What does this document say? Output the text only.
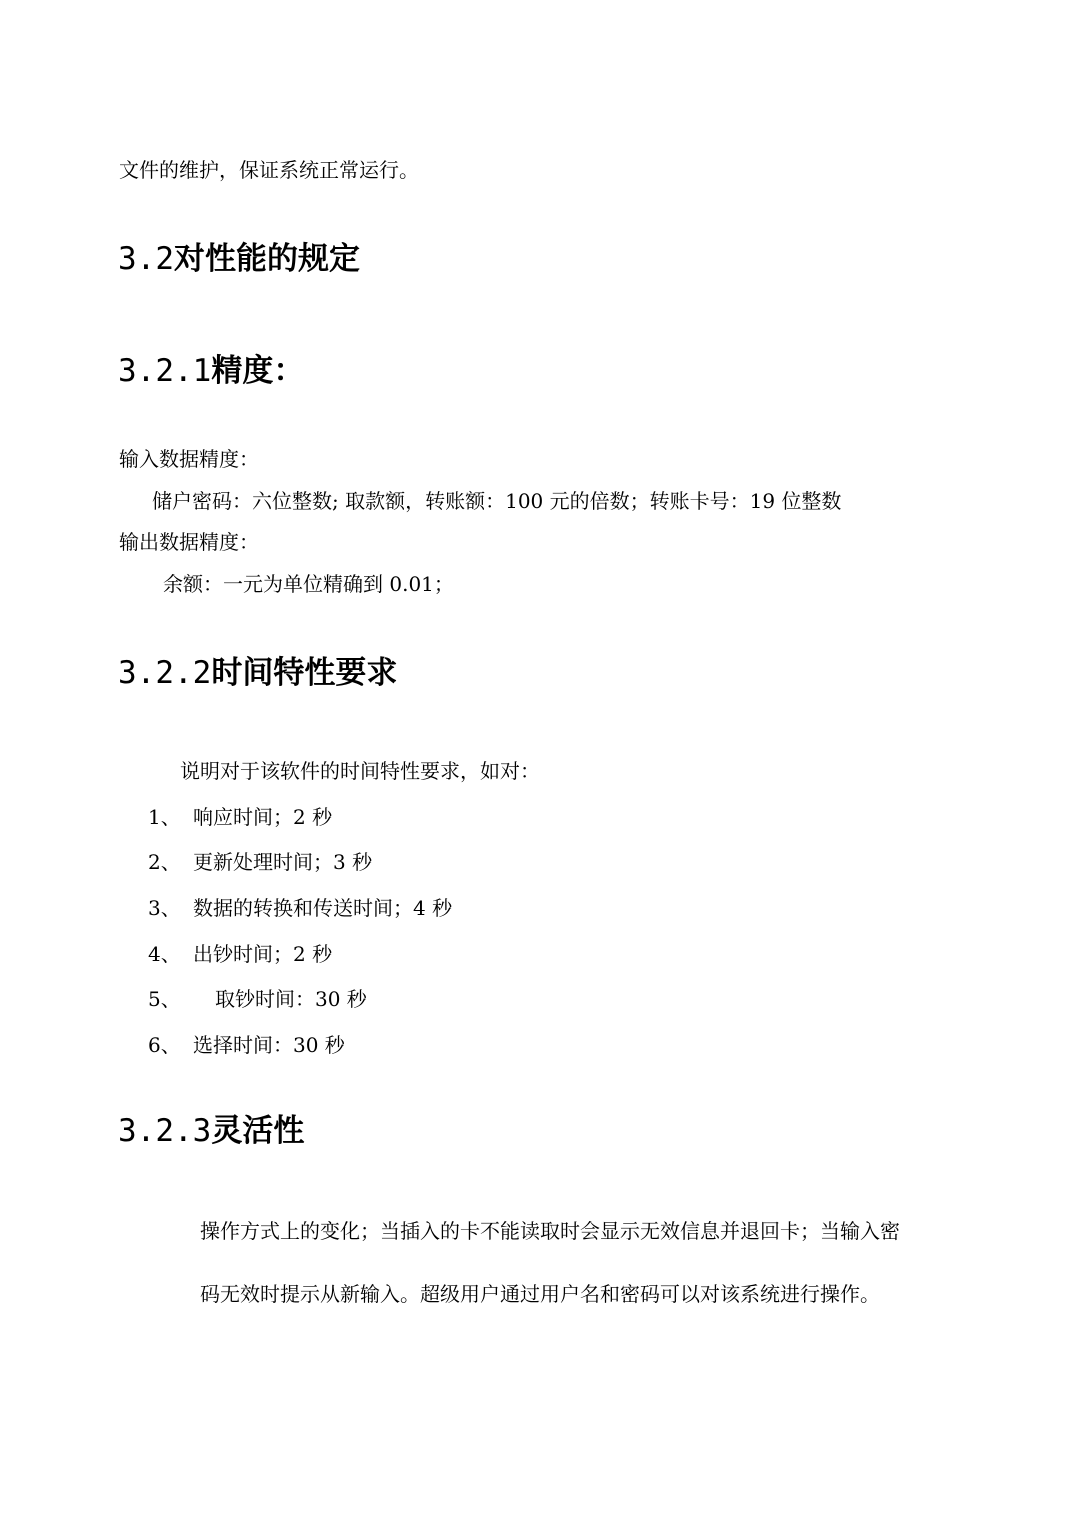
文件的维护，保证系统正常运行。
3.2对性能的规定
3.2.1精度：
输入数据精度：
储户密码：六位整数; 取款额，转账额：100 元的倍数；转账卡号：19 位整数
输出数据精度：
余额：一元为单位精确到 0.01；
3.2.2时间特性要求
说明对于该软件的时间特性要求，如对：
1、 响应时间；2 秒
2、 更新处理时间；3 秒
3、 数据的转换和传送时间；4 秒
4、 出钞时间；2 秒
5、 取钞时间：30 秒
6、 选择时间：30 秒
3.2.3灵活性
操作方式上的变化；当插入的卡不能读取时会显示无效信息并退回卡；当输入密
码无效时提示从新输入。超级用户通过用户名和密码可以对该系统进行操作。
